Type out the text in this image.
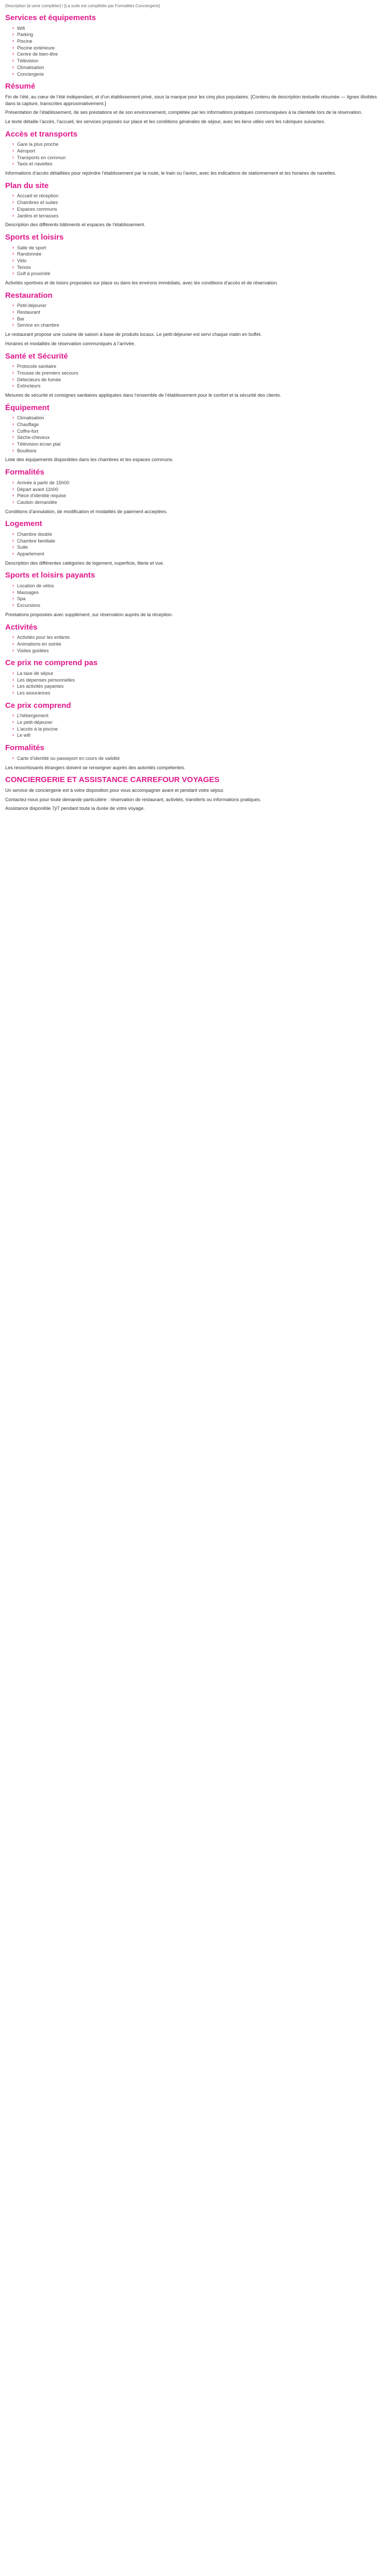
Description [à venir compléter] / [La suite est complétée par Formalités Conciergerie]

Services et équipements
› Wifi
› Parking
› Piscine
› Piscine extérieure
› Centre de bien-être
› Télévision
› Climatisation
› Conciergerie
Résumé

Fin de l’été, au cœur de l’été indépendant, et d’un établissement privé, sous la marque pour les cinq plus populaires. [Contenu de description textuelle résumée — lignes illisibles dans la capture, transcrites approximativement.]

Présentation de l’établissement, de ses prestations et de son environnement, complétée par les informations pratiques communiquées à la clientelle lors de la réservation.

Le texte détaille l’accès, l’accueil, les services proposés sur place et les conditions générales de séjour, avec les liens utiles vers les rubriques suivantes.

Accès et transports
› Gare la plus proche
› Aéroport
› Transports en commun
› Taxis et navettes

Informations d’accès détaillées pour rejoindre l’établissement par la route, le train ou l’avion, avec les indications de stationnement et les horaires de navettes.

Plan du site
› Accueil et réception
› Chambres et suites
› Espaces communs
› Jardins et terrasses

Description des différents bâtiments et espaces de l’établissement.

Sports et loisirs
› Salle de sport
› Randonnée
› Vélo
› Tennis
› Golf à proximité

Activités sportives et de loisirs proposées sur place ou dans les environs immédiats, avec les conditions d’accès et de réservation.

Restauration
› Petit-déjeuner
› Restaurant
› Bar
› Service en chambre

Le restaurant propose une cuisine de saison à base de produits locaux. Le petit-déjeuner est servi chaque matin en buffet.

Horaires et modalités de réservation communiqués à l’arrivée.

Santé et Sécurité
› Protocole sanitaire
› Trousse de premiers secours
› Détecteurs de fumée
› Extincteurs

Mesures de sécurité et consignes sanitaires appliquées dans l’ensemble de l’établissement pour le confort et la sécurité des clients.

Équipement
› Climatisation
› Chauffage
› Coffre-fort
› Sèche-cheveux
› Télévision écran plat
› Bouilloire

Liste des équipements disponibles dans les chambres et les espaces communs.

Formalités
› Arrivée à partir de 15h00
› Départ avant 11h00
› Pièce d’identité requise
› Caution demandée

Conditions d’annulation, de modification et modalités de paiement acceptées.

Logement
› Chambre double
› Chambre familiale
› Suite
› Appartement

Description des différentes catégories de logement, superficie, literie et vue.

Sports et loisirs payants
› Location de vélos
› Massages
› Spa
› Excursions

Prestations proposées avec supplément, sur réservation auprès de la réception.

Activités
› Activités pour les enfants
› Animations en soirée
› Visites guidées
Ce prix ne comprend pas
› La taxe de séjour
› Les dépenses personnelles
› Les activités payantes
› Les assurances
Ce prix comprend
› L’hébergement
› Le petit-déjeuner
› L’accès à la piscine
› Le wifi
Formalités
› Carte d’identité ou passeport en cours de validité

Les ressortissants étrangers doivent se renseigner auprès des autorités compétentes.

CONCIERGERIE ET ASSISTANCE CARREFOUR VOYAGES

Un service de conciergerie est à votre disposition pour vous accompagner avant et pendant votre séjour.

Contactez-nous pour toute demande particulière : réservation de restaurant, activités, transferts ou informations pratiques.

Assistance disponible 7j/7 pendant toute la durée de votre voyage.
